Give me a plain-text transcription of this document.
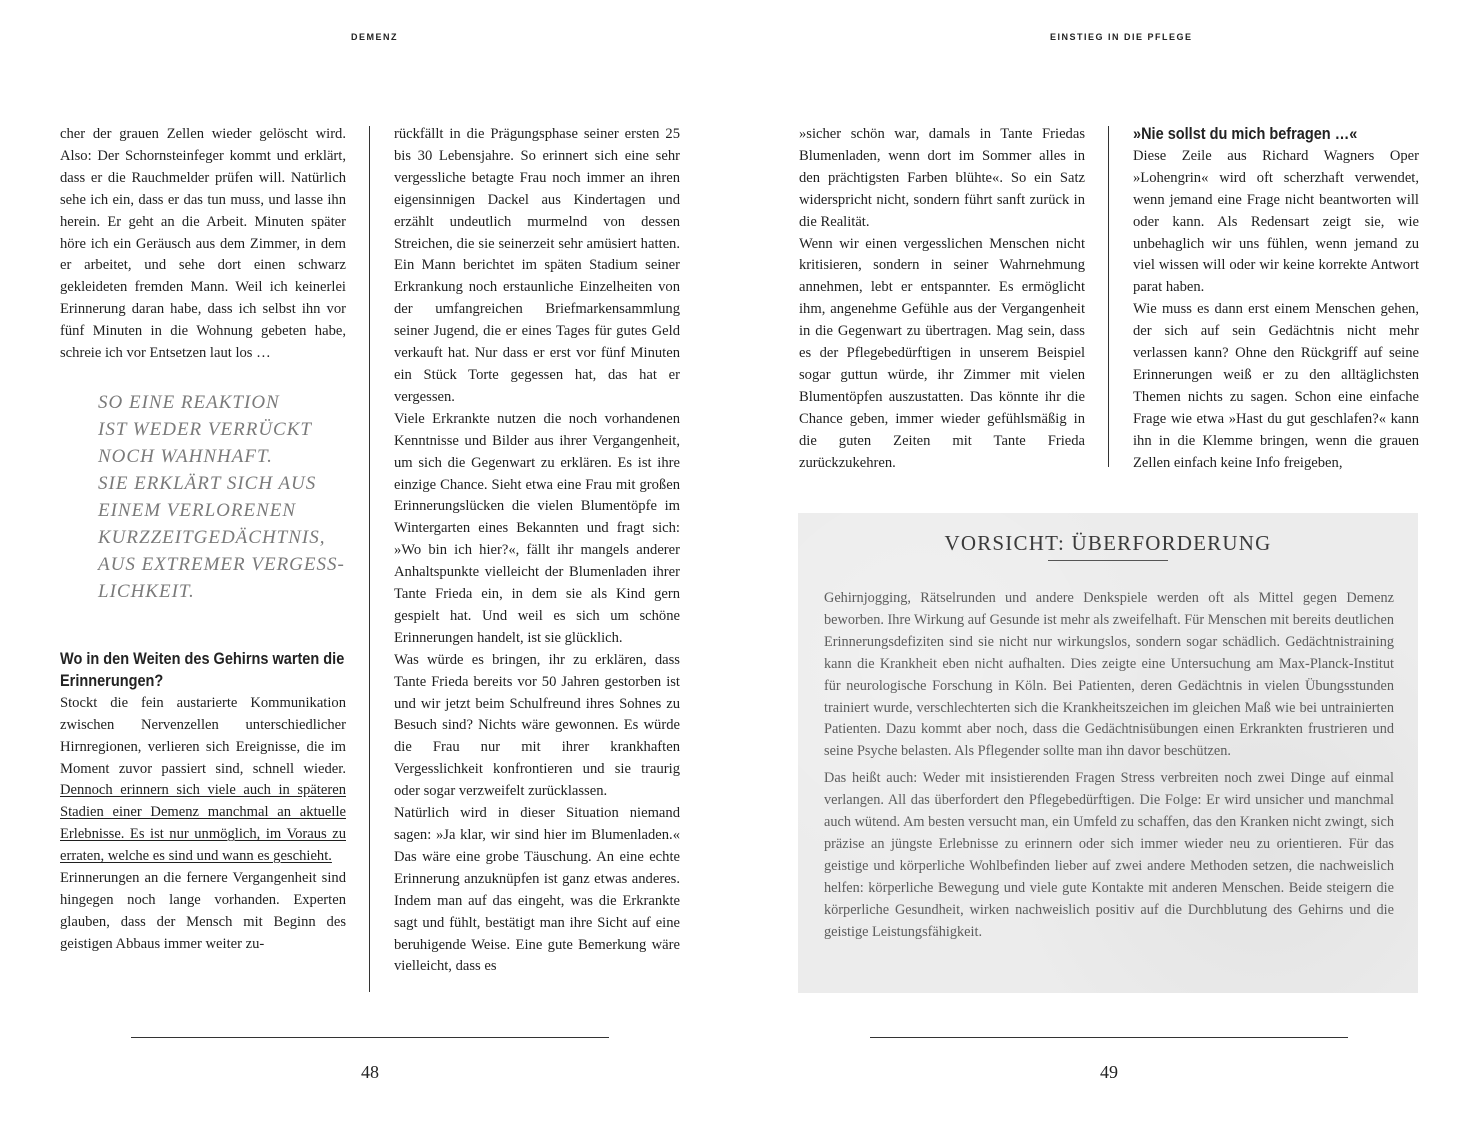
DEMENZ	EINSTIEG IN DIE PFLEGE

cher der grauen Zellen wieder gelöscht wird. Also: Der Schornsteinfeger kommt und erklärt, dass er die Rauchmelder prüfen will. Natürlich sehe ich ein, dass er das tun muss, und lasse ihn herein. Er geht an die Arbeit. Minuten später höre ich ein Geräusch aus dem Zimmer, in dem er arbeitet, und sehe dort einen schwarz gekleideten fremden Mann. Weil ich keinerlei Erinnerung daran habe, dass ich selbst ihn vor fünf Minuten in die Wohnung gebeten habe, schreie ich vor Entsetzen laut los …

SO EINE REAKTION
IST WEDER VERRÜCKT
NOCH WAHNHAFT.
SIE ERKLÄRT SICH AUS
EINEM VERLORENEN
KURZZEITGEDÄCHTNIS,
AUS EXTREMER VERGESS-
LICHKEIT.
Wo in den Weiten des Gehirns warten die Erinnerungen?

Stockt die fein austarierte Kommunikation zwischen Nervenzellen unterschiedlicher Hirnregionen, verlieren sich Ereignisse, die im Moment zuvor passiert sind, schnell wieder. Dennoch erinnern sich viele auch in späteren Stadien einer Demenz manchmal an aktuelle Erlebnisse. Es ist nur unmöglich, im Voraus zu erraten, welche es sind und wann es geschieht.

Erinnerungen an die fernere Vergangenheit sind hingegen noch lange vorhanden. Experten glauben, dass der Mensch mit Beginn des geistigen Abbaus immer weiter zu-

rückfällt in die Prägungsphase seiner ersten 25 bis 30 Lebensjahre. So erinnert sich eine sehr vergessliche betagte Frau noch immer an ihren eigensinnigen Dackel aus Kindertagen und erzählt undeutlich murmelnd von dessen Streichen, die sie seinerzeit sehr amüsiert hatten. Ein Mann berichtet im späten Stadium seiner Erkrankung noch erstaunliche Einzelheiten von der umfangreichen Briefmarkensammlung seiner Jugend, die er eines Tages für gutes Geld verkauft hat. Nur dass er erst vor fünf Minuten ein Stück Torte gegessen hat, das hat er vergessen.

Viele Erkrankte nutzen die noch vorhandenen Kenntnisse und Bilder aus ihrer Vergangenheit, um sich die Gegenwart zu erklären. Es ist ihre einzige Chance. Sieht etwa eine Frau mit großen Erinnerungslücken die vielen Blumentöpfe im Wintergarten eines Bekannten und fragt sich: »Wo bin ich hier?«, fällt ihr mangels anderer Anhaltspunkte vielleicht der Blumenladen ihrer Tante Frieda ein, in dem sie als Kind gern gespielt hat. Und weil es sich um schöne Erinnerungen handelt, ist sie glücklich.

Was würde es bringen, ihr zu erklären, dass Tante Frieda bereits vor 50 Jahren gestorben ist und wir jetzt beim Schulfreund ihres Sohnes zu Besuch sind? Nichts wäre gewonnen. Es würde die Frau nur mit ihrer krankhaften Vergesslichkeit konfrontieren und sie traurig oder sogar verzweifelt zurücklassen.

Natürlich wird in dieser Situation niemand sagen: »Ja klar, wir sind hier im Blumenladen.« Das wäre eine grobe Täuschung. An eine echte Erinnerung anzuknüpfen ist ganz etwas anderes. Indem man auf das eingeht, was die Erkrankte sagt und fühlt, bestätigt man ihre Sicht auf eine beruhigende Weise. Eine gute Bemerkung wäre vielleicht, dass es

»sicher schön war, damals in Tante Friedas Blumenladen, wenn dort im Sommer alles in den prächtigsten Farben blühte«. So ein Satz widerspricht nicht, sondern führt sanft zurück in die Realität.

Wenn wir einen vergesslichen Menschen nicht kritisieren, sondern in seiner Wahrnehmung annehmen, lebt er entspannter. Es ermöglicht ihm, angenehme Gefühle aus der Vergangenheit in die Gegenwart zu übertragen. Mag sein, dass es der Pflegebedürftigen in unserem Beispiel sogar guttun würde, ihr Zimmer mit vielen Blumentöpfen auszustatten. Das könnte ihr die Chance geben, immer wieder gefühlsmäßig in die guten Zeiten mit Tante Frieda zurückzukehren.

»Nie sollst du mich befragen …«

Diese Zeile aus Richard Wagners Oper »Lohengrin« wird oft scherzhaft verwendet, wenn jemand eine Frage nicht beantworten will oder kann. Als Redensart zeigt sie, wie unbehaglich wir uns fühlen, wenn jemand zu viel wissen will oder wir keine korrekte Antwort parat haben.

Wie muss es dann erst einem Menschen gehen, der sich auf sein Gedächtnis nicht mehr verlassen kann? Ohne den Rückgriff auf seine Erinnerungen weiß er zu den alltäglichsten Themen nichts zu sagen. Schon eine einfache Frage wie etwa »Hast du gut geschlafen?« kann ihn in die Klemme bringen, wenn die grauen Zellen einfach keine Info freigeben,

VORSICHT: ÜBERFORDERUNG

Gehirnjogging, Rätselrunden und andere Denkspiele werden oft als Mittel gegen Demenz beworben. Ihre Wirkung auf Gesunde ist mehr als zweifelhaft. Für Menschen mit bereits deutlichen Erinnerungsdefiziten sind sie nicht nur wirkungslos, sondern sogar schädlich. Gedächtnistraining kann die Krankheit eben nicht aufhalten. Dies zeigte eine Untersuchung am Max-Planck-Institut für neurologische Forschung in Köln. Bei Patienten, deren Gedächtnis in vielen Übungsstunden trainiert wurde, verschlechterten sich die Krankheitszeichen im gleichen Maß wie bei untrainierten Patienten. Dazu kommt aber noch, dass die Gedächtnisübungen einen Erkrankten frustrieren und seine Psyche belasten. Als Pflegender sollte man ihn davor beschützen.

Das heißt auch: Weder mit insistierenden Fragen Stress verbreiten noch zwei Dinge auf einmal verlangen. All das überfordert den Pflegebedürftigen. Die Folge: Er wird unsicher und manchmal auch wütend. Am besten versucht man, ein Umfeld zu schaffen, das den Kranken nicht zwingt, sich präzise an jüngste Erlebnisse zu erinnern oder sich immer wieder neu zu orientieren. Für das geistige und körperliche Wohlbefinden lieber auf zwei andere Methoden setzen, die nachweislich helfen: körperliche Bewegung und viele gute Kontakte mit anderen Menschen. Beide steigern die körperliche Gesundheit, wirken nachweislich positiv auf die Durchblutung des Gehirns und die geistige Leistungsfähigkeit.

48	49
